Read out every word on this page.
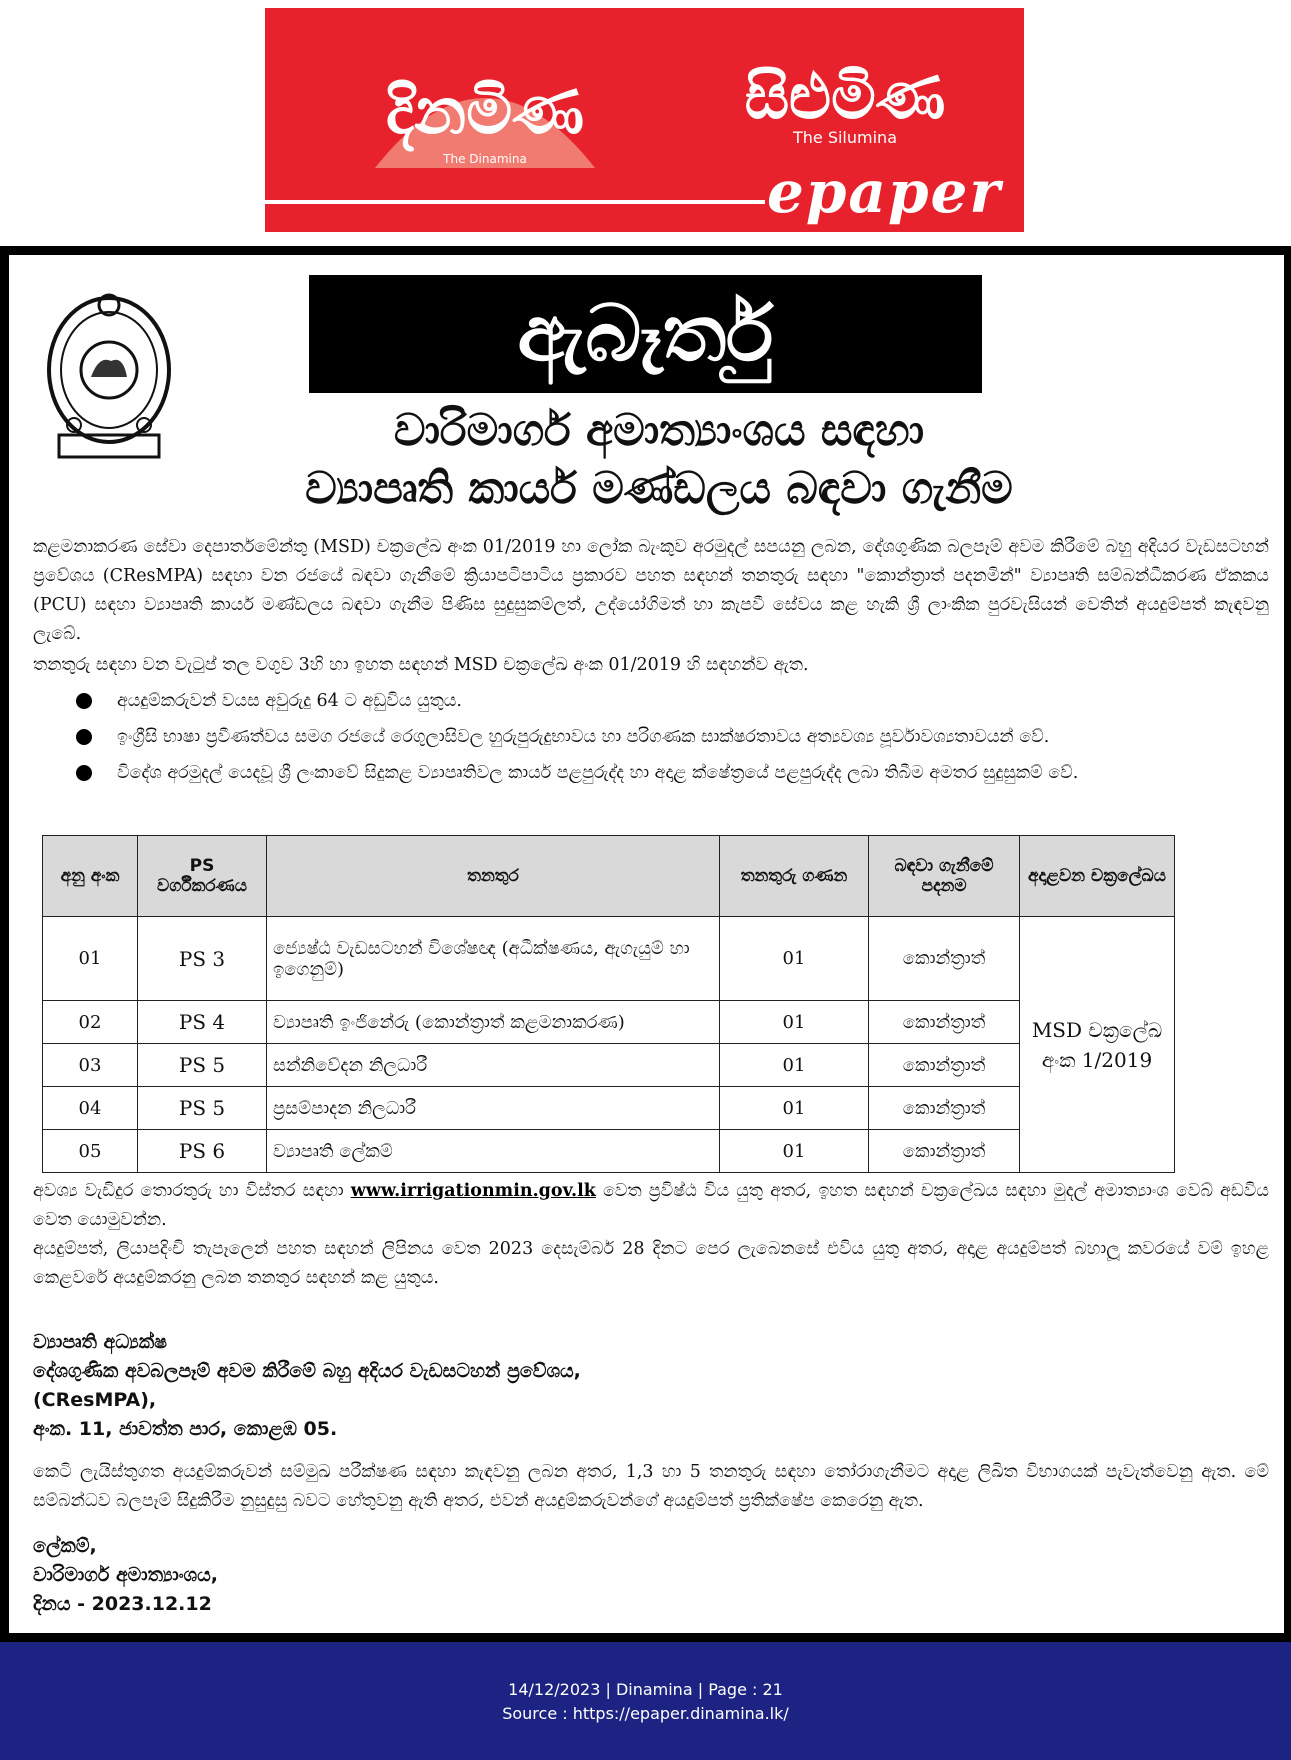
දිනමිණ
The Dinamina
සිළුමිණ
The Silumina
epaper
ඇබෑර්තු
වාරිමාර්ග අමාත්‍යාංශය සඳහා
ව්‍යාපෘති කාර්ය මණ්ඩලය බඳවා ගැනීම
කළමනාකරණ සේවා දෙපාර්තමේන්තු (MSD) චක්‍රලේඛ අංක 01/2019 හා ලෝක බැංකුව අරමුදල් සපයනු ලබන, දේශගුණික බලපෑම් අවම කිරීමේ බහු අදියර වැඩසටහන් ප්‍රවේශය (CResMPA) සඳහා වන රජයේ බඳවා ගැනීමේ ක්‍රියාපටිපාටිය ප්‍රකාරව පහත සඳහන් තනතුරු සඳහා "කොන්ත්‍රාත් පදනමින්" ව්‍යාපෘති සම්බන්ධීකරණ ඒකකය (PCU) සඳහා ව්‍යාපෘති කාර්ය මණ්ඩලය බඳවා ගැනීම පිණිස සුදුසුකම්ලත්, උද්යෝගිමත් හා කැපවී සේවය කළ හැකි ශ්‍රී ලාංකික පුරවැසියන් වෙතින් අයදුම්පත් කැඳවනු ලැබේ.
තනතුරු සඳහා වන වැටුප් තල වගුව 3හි හා ඉහත සඳහන් MSD චක්‍රලේඛ අංක 01/2019 හි සඳහන්ව ඇත.
අයදුම්කරුවන් වයස අවුරුදු 64 ට අඩුවිය යුතුය.
ඉංග්‍රීසි භාෂා ප්‍රවීණත්වය සමග රජයේ රෙගුලාසිවල හුරුපුරුදුභාවය හා පරිගණක සාක්ෂරතාවය අත්‍යවශ්‍ය පූර්වාවශ්‍යතාවයන් වේ.
විදේශ අරමුදල් යෙදවූ ශ්‍රී ලංකාවේ සිදුකළ ව්‍යාපෘතිවල කාර්ය පළපුරුද්ද හා අදාළ ක්ෂේත්‍රයේ පළපුරුද්ද ලබා තිබීම අමතර සුදුසුකම් වේ.
අනු අංක	PS වර්ගීකරණය	තනතුර	තනතුරු ගණන	බඳවා ගැනීමේ පදනම	අදාළවන චක්‍රලේඛය
01	PS 3	ජ්‍යෙෂ්ඨ වැඩසටහන් විශේෂඥ (අධීක්ෂණය, ඇගැයුම් හා ඉගෙනුම්)	01	කොන්ත්‍රාත්	MSD චක්‍රලේඛ අංක 1/2019
02	PS 4	ව්‍යාපෘති ඉංජිනේරු (කොන්ත්‍රාත් කළමනාකරණ)	01	කොන්ත්‍රාත්	
03	PS 5	සන්නිවේදන නිලධාරී	01	කොන්ත්‍රාත්	
04	PS 5	ප්‍රසම්පාදන නිලධාරී	01	කොන්ත්‍රාත්	
05	PS 6	ව්‍යාපෘති ලේකම්	01	කොන්ත්‍රාත්	
අවශ්‍ය වැඩිදුර තොරතුරු හා විස්තර සඳහා www.irrigationmin.gov.lk වෙත ප්‍රවිෂ්ඨ විය යුතු අතර, ඉහත සඳහන් චක්‍රලේඛය සඳහා මුදල් අමාත්‍යාංශ වෙබ් අඩවිය වෙත යොමුවන්න.
අයදුම්පත්, ලියාපදිංචි තැපෑලෙන් පහත සඳහන් ලිපිනය වෙත 2023 දෙසැම්බර් 28 දිනට පෙර ලැබෙනසේ එවිය යුතු අතර, අදාළ අයදුම්පත් බහාලූ කවරයේ වම් ඉහළ කෙළවරේ අයදුම්කරනු ලබන තනතුර සඳහන් කළ යුතුය.
ව්‍යාපෘති අධ්‍යක්ෂ
දේශගුණික අවබලපෑම් අවම කිරීමේ බහු අදියර වැඩසටහන් ප්‍රවේශය,
(CResMPA),
අංක. 11, ජාවත්ත පාර, කොළඹ 05.
කෙටි ලැයිස්තුගත අයදුම්කරුවන් සම්මුඛ පරීක්ෂණ සඳහා කැඳවනු ලබන අතර, 1,3 හා 5 තනතුරු සඳහා තෝරාගැනීමට අදාළ ලිඛිත විභාගයක් පැවැත්වෙනු ඇත. මේ සම්බන්ධව බලපෑම් සිදුකිරීම නුසුදුසු බවට හේතුවනු ඇති අතර, එවන් අයදුම්කරුවන්ගේ අයදුම්පත් ප්‍රතික්ෂේප කෙරෙනු ඇත.
ලේකම්,
වාරිමාර්ග අමාත්‍යාංශය,
දිනය - 2023.12.12
14/12/2023 | Dinamina | Page : 21
Source : https://epaper.dinamina.lk/
